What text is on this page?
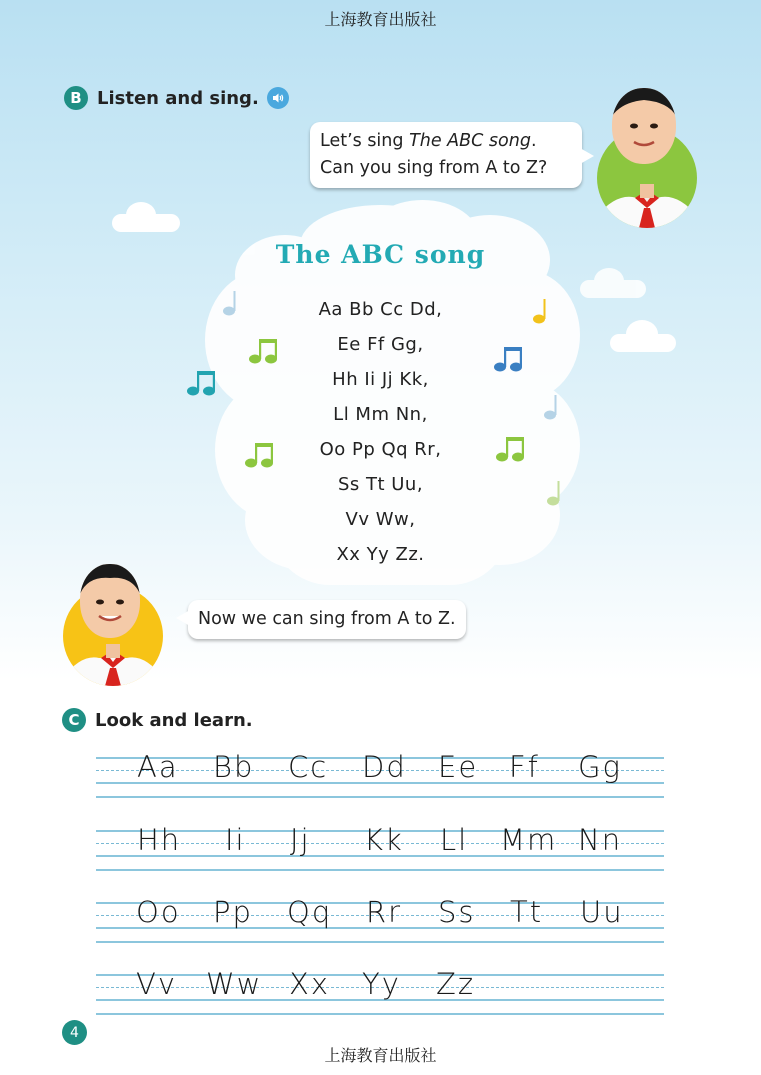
上海教育出版社
B Listen and sing.
The ABC song
Aa Bb Cc Dd,
Ee Ff Gg,
Hh Ii Jj Kk,
Ll Mm Nn,
Oo Pp Qq Rr,
Ss Tt Uu,
Vv Ww,
Xx Yy Zz.
Let’s sing The ABC song.
Can you sing from A to Z?
Now we can sing from A to Z.
C Look and learn.
Aa Bb Cc Dd Ee Ff Gg
Hh Ii Jj Kk Ll Mm Nn
Oo Pp Qq Rr Ss Tt Uu
Vv Ww Xx Yy Zz
4
上海教育出版社
